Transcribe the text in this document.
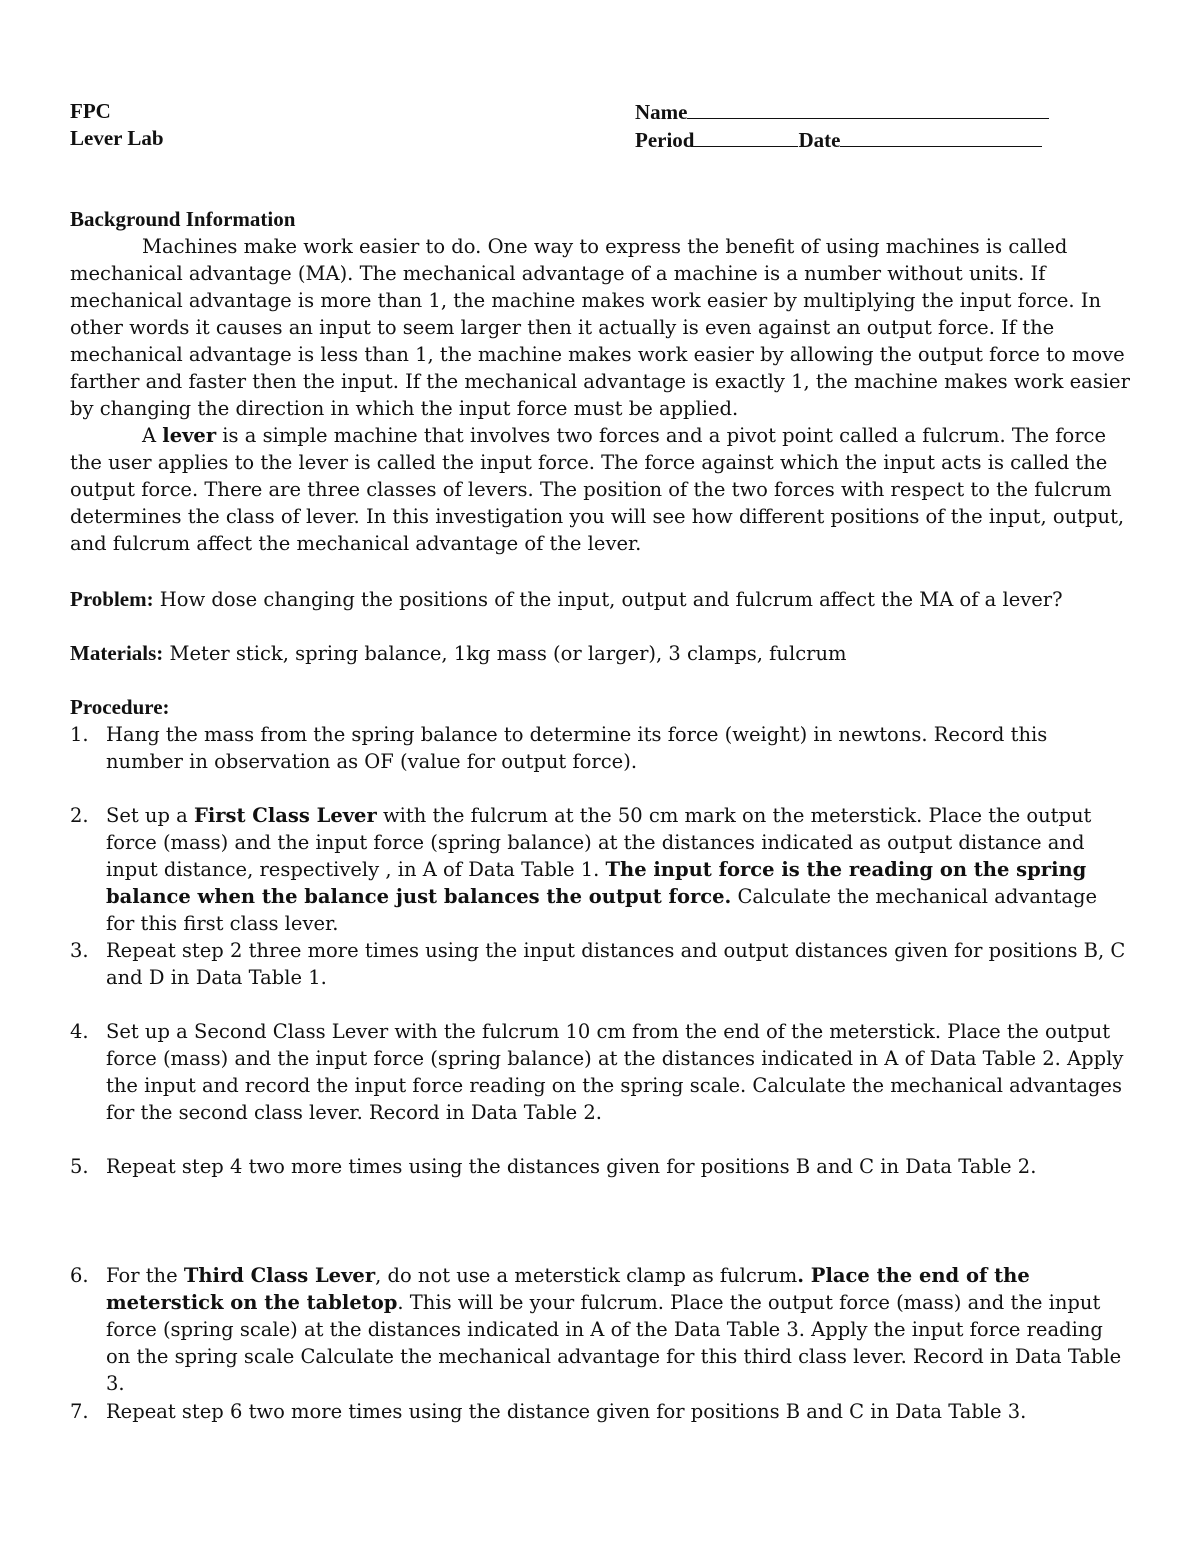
FPC
Lever Lab
Name
Period	Date
Background Information

Machines make work easier to do. One way to express the benefit of using machines is called mechanical advantage (MA). The mechanical advantage of a machine is a number without units. If mechanical advantage is more than 1, the machine makes work easier by multiplying the input force. In other words it causes an input to seem larger then it actually is even against an output force. If the mechanical advantage is less than 1, the machine makes work easier by allowing the output force to move farther and faster then the input. If the mechanical advantage is exactly 1, the machine makes work easier by changing the direction in which the input force must be applied.

A lever is a simple machine that involves two forces and a pivot point called a fulcrum. The force the user applies to the lever is called the input force. The force against which the input acts is called the output force. There are three classes of levers. The position of the two forces with respect to the fulcrum determines the class of lever. In this investigation you will see how different positions of the input, output, and fulcrum affect the mechanical advantage of the lever.

Problem: How dose changing the positions of the input, output and fulcrum affect the MA of a lever?
Materials: Meter stick, spring balance, 1kg mass (or larger), 3 clamps, fulcrum
Procedure:
1. Hang the mass from the spring balance to determine its force (weight) in newtons. Record this number in observation as OF (value for output force).
2. Set up a First Class Lever with the fulcrum at the 50 cm mark on the meterstick. Place the output force (mass) and the input force (spring balance) at the distances indicated as output distance and input distance, respectively , in A of Data Table 1. The input force is the reading on the spring balance when the balance just balances the output force. Calculate the mechanical advantage for this first class lever.
3. Repeat step 2 three more times using the input distances and output distances given for positions B, C and D in Data Table 1.
4. Set up a Second Class Lever with the fulcrum 10 cm from the end of the meterstick. Place the output force (mass) and the input force (spring balance) at the distances indicated in A of Data Table 2. Apply the input and record the input force reading on the spring scale. Calculate the mechanical advantages for the second class lever. Record in Data Table 2.
5. Repeat step 4 two more times using the distances given for positions B and C in Data Table 2.
6. For the Third Class Lever, do not use a meterstick clamp as fulcrum. Place the end of the meterstick on the tabletop. This will be your fulcrum. Place the output force (mass) and the input force (spring scale) at the distances indicated in A of the Data Table 3. Apply the input force reading on the spring scale Calculate the mechanical advantage for this third class lever. Record in Data Table 3.
7. Repeat step 6 two more times using the distance given for positions B and C in Data Table 3.
